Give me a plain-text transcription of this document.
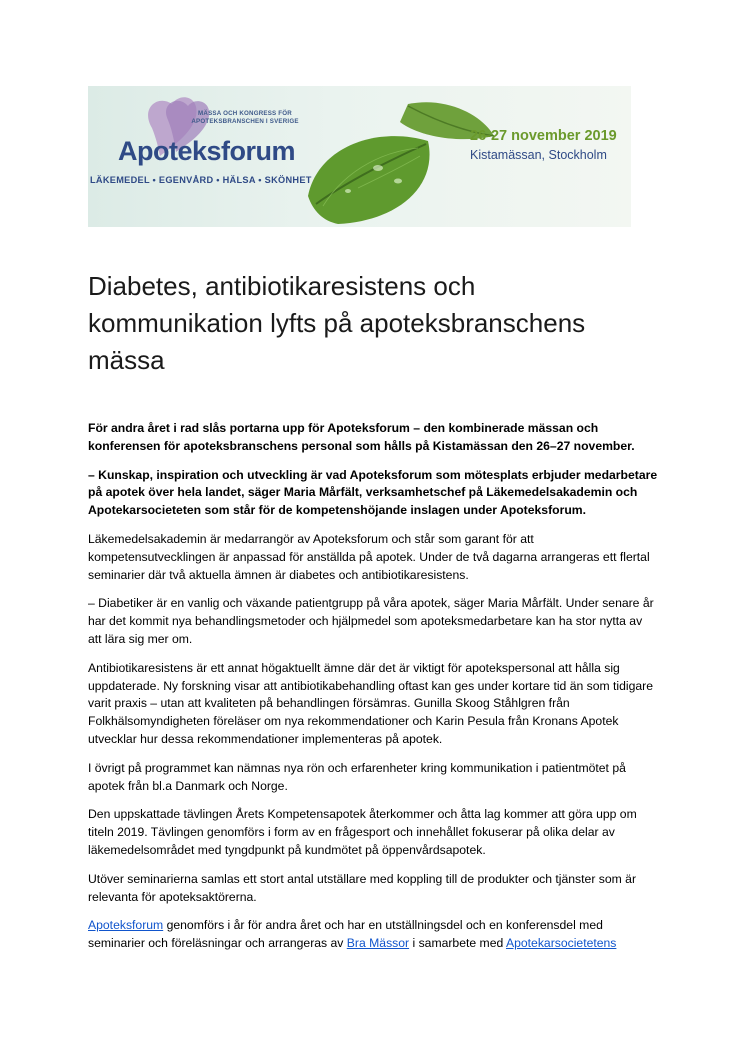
MÄSSA OCH KONGRESS FÖR APOTEKSBRANSCHEN I SVERIGE
Apoteksforum
LÄKEMEDEL • EGENVÅRD • HÄLSA • SKÖNHET
26-27 november 2019
Kistamässan, Stockholm
Diabetes, antibiotikaresistens och kommunikation lyfts på apoteksbranschens mässa

För andra året i rad slås portarna upp för Apoteksforum – den kombinerade mässan och konferensen för apoteksbranschens personal som hålls på Kistamässan den 26–27 november.

– Kunskap, inspiration och utveckling är vad Apoteksforum som mötesplats erbjuder medarbetare på apotek över hela landet, säger Maria Mårfält, verksamhetschef på Läkemedelsakademin och Apotekarsocieteten som står för de kompetenshöjande inslagen under Apoteksforum.

Läkemedelsakademin är medarrangör av Apoteksforum och står som garant för att kompetensutvecklingen är anpassad för anställda på apotek. Under de två dagarna arrangeras ett flertal seminarier där två aktuella ämnen är diabetes och antibiotikaresistens.

– Diabetiker är en vanlig och växande patientgrupp på våra apotek, säger Maria Mårfält. Under senare år har det kommit nya behandlingsmetoder och hjälpmedel som apoteksmedarbetare kan ha stor nytta av att lära sig mer om.

Antibiotikaresistens är ett annat högaktuellt ämne där det är viktigt för apotekspersonal att hålla sig uppdaterade. Ny forskning visar att antibiotikabehandling oftast kan ges under kortare tid än som tidigare varit praxis – utan att kvaliteten på behandlingen försämras. Gunilla Skoog Ståhlgren från Folkhälsomyndigheten föreläser om nya rekommendationer och Karin Pesula från Kronans Apotek utvecklar hur dessa rekommendationer implementeras på apotek.

I övrigt på programmet kan nämnas nya rön och erfarenheter kring kommunikation i patientmötet på apotek från bl.a Danmark och Norge.

Den uppskattade tävlingen Årets Kompetensapotek återkommer och åtta lag kommer att göra upp om titeln 2019. Tävlingen genomförs i form av en frågesport och innehållet fokuserar på olika delar av läkemedelsområdet med tyngdpunkt på kundmötet på öppenvårdsapotek.

Utöver seminarierna samlas ett stort antal utställare med koppling till de produkter och tjänster som är relevanta för apoteksaktörerna.

Apoteksforum genomförs i år för andra året och har en utställningsdel och en konferensdel med seminarier och föreläsningar och arrangeras av Bra Mässor i samarbete med Apotekarsocietetens
